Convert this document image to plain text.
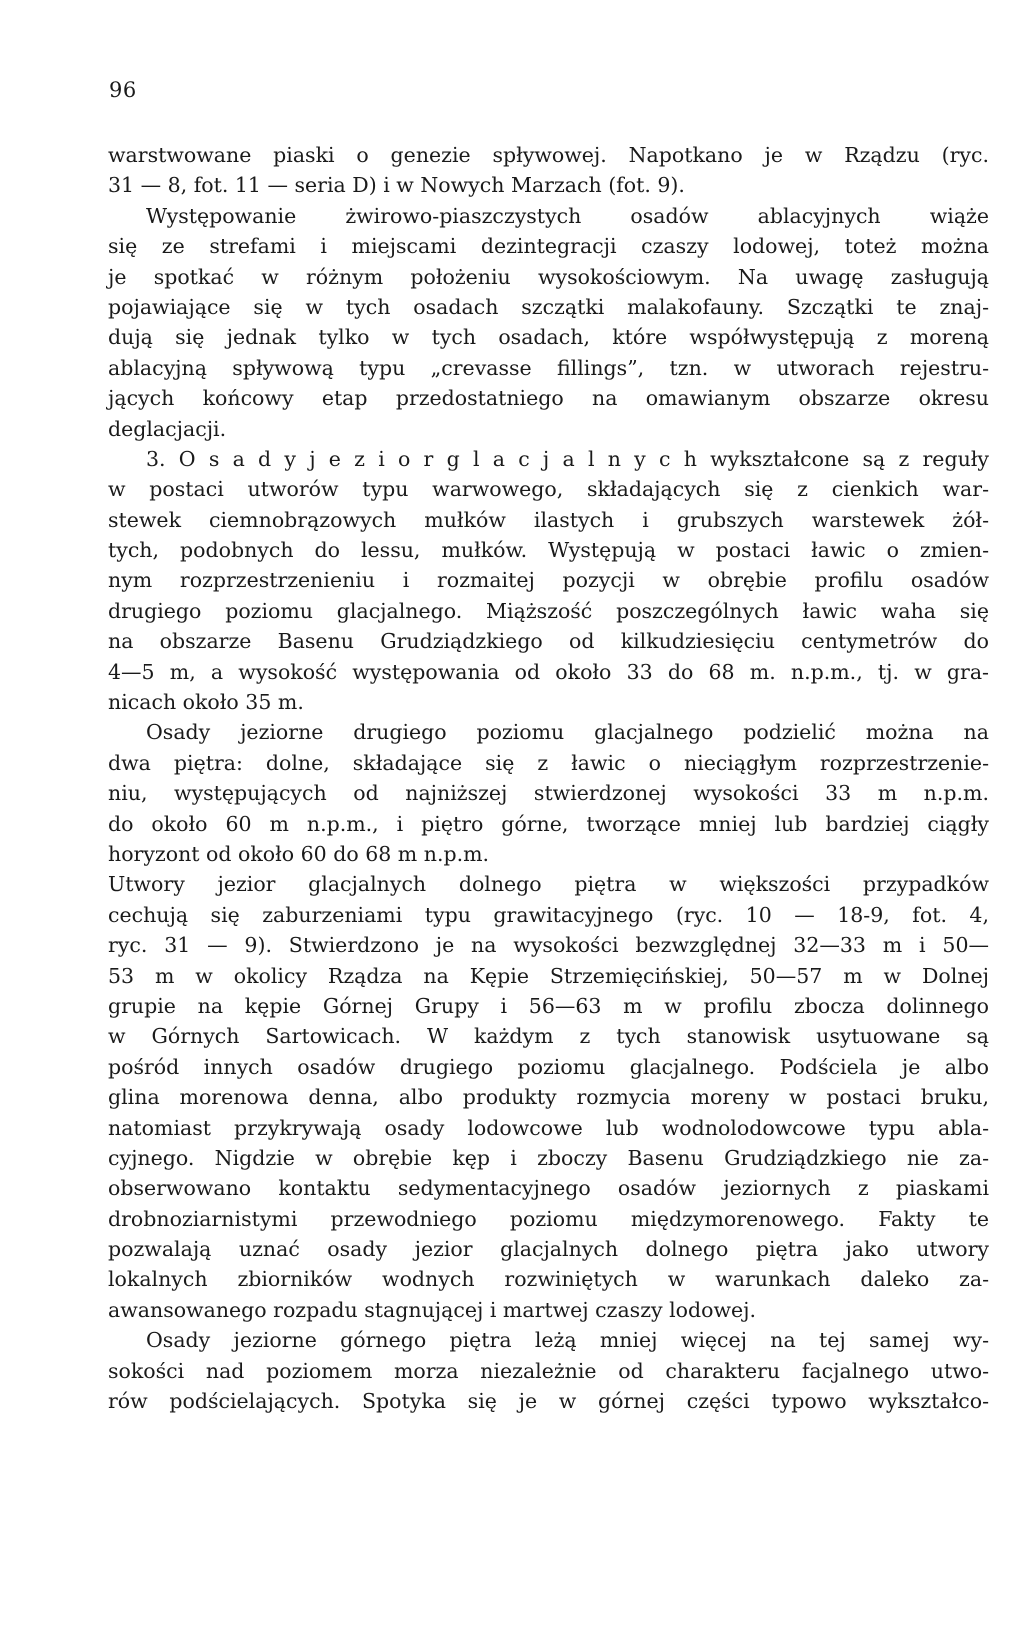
96
warstwowane piaski o genezie spływowej. Napotkano je w Rządzu (ryc.
31 — 8, fot. 11 — seria D) i w Nowych Marzach (fot. 9).
Występowanie żwirowo-piaszczystych osadów ablacyjnych wiąże
się ze strefami i miejscami dezintegracji czaszy lodowej, toteż można
je spotkać w różnym położeniu wysokościowym. Na uwagę zasługują
pojawiające się w tych osadach szczątki malakofauny. Szczątki te znaj-
dują się jednak tylko w tych osadach, które współwystępują z moreną
ablacyjną spływową typu „crevasse fillings”, tzn. w utworach rejestru-
jących końcowy etap przedostatniego na omawianym obszarze okresu
deglacjacji.
3. O s a d y j e z i o r g l a c j a l n y c h wykształcone są z reguły
w postaci utworów typu warwowego, składających się z cienkich war-
stewek ciemnobrązowych mułków ilastych i grubszych warstewek żół-
tych, podobnych do lessu, mułków. Występują w postaci ławic o zmien-
nym rozprzestrzenieniu i rozmaitej pozycji w obrębie profilu osadów
drugiego poziomu glacjalnego. Miąższość poszczególnych ławic waha się
na obszarze Basenu Grudziądzkiego od kilkudziesięciu centymetrów do
4—5 m, a wysokość występowania od około 33 do 68 m. n.p.m., tj. w gra-
nicach około 35 m.
Osady jeziorne drugiego poziomu glacjalnego podzielić można na
dwa piętra: dolne, składające się z ławic o nieciągłym rozprzestrzenie-
niu, występujących od najniższej stwierdzonej wysokości 33 m n.p.m.
do około 60 m n.p.m., i piętro górne, tworzące mniej lub bardziej ciągły
horyzont od około 60 do 68 m n.p.m.
Utwory jezior glacjalnych dolnego piętra w większości przypadków
cechują się zaburzeniami typu grawitacyjnego (ryc. 10 — 18-9, fot. 4,
ryc. 31 — 9). Stwierdzono je na wysokości bezwzględnej 32—33 m i 50—
53 m w okolicy Rządza na Kępie Strzemięcińskiej, 50—57 m w Dolnej
grupie na kępie Górnej Grupy i 56—63 m w profilu zbocza dolinnego
w Górnych Sartowicach. W każdym z tych stanowisk usytuowane są
pośród innych osadów drugiego poziomu glacjalnego. Podściela je albo
glina morenowa denna, albo produkty rozmycia moreny w postaci bruku,
natomiast przykrywają osady lodowcowe lub wodnolodowcowe typu abla-
cyjnego. Nigdzie w obrębie kęp i zboczy Basenu Grudziądzkiego nie za-
obserwowano kontaktu sedymentacyjnego osadów jeziornych z piaskami
drobnoziarnistymi przewodniego poziomu międzymorenowego. Fakty te
pozwalają uznać osady jezior glacjalnych dolnego piętra jako utwory
lokalnych zbiorników wodnych rozwiniętych w warunkach daleko za-
awansowanego rozpadu stagnującej i martwej czaszy lodowej.
Osady jeziorne górnego piętra leżą mniej więcej na tej samej wy-
sokości nad poziomem morza niezależnie od charakteru facjalnego utwo-
rów podścielających. Spotyka się je w górnej części typowo wykształco-
